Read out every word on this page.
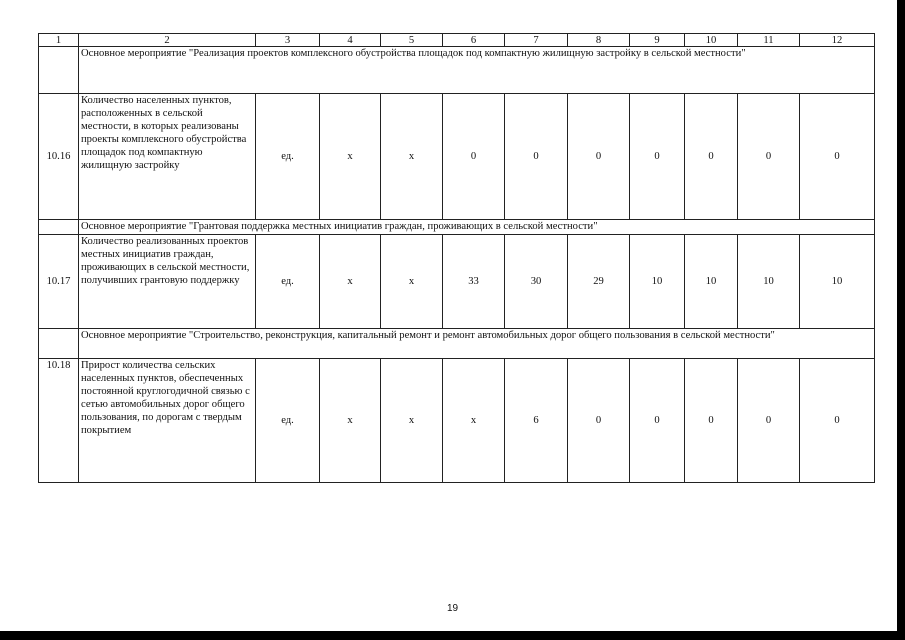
1	2	3	4	5	6	7	8	9	10	11	12
	Основное мероприятие "Реализация проектов комплексного обустройства площадок под компактную жилищную застройку в сельской местности"										
10.16	Количество населенных пунктов, расположенных в сельской местности, в которых реализованы проекты комплексного обустройства площадок под компактную жилищную застройку	ед.	x	x	0	0	0	0	0	0	0
	Основное мероприятие "Грантовая поддержка местных инициатив граждан, проживающих в сельской местности"										
10.17	Количество реализованных проектов местных инициатив граждан, проживающих в сельской местности, получивших грантовую поддержку	ед.	x	x	33	30	29	10	10	10	10
	Основное мероприятие "Строительство, реконструкция, капитальный ремонт и ремонт автомобильных дорог общего пользования в сельской местности"										
10.18	Прирост количества сельских населенных пунктов, обеспеченных постоянной круглогодичной связью с сетью автомобильных дорог общего пользования, по дорогам с твердым покрытием	ед.	x	x	x	6	0	0	0	0	0
19
